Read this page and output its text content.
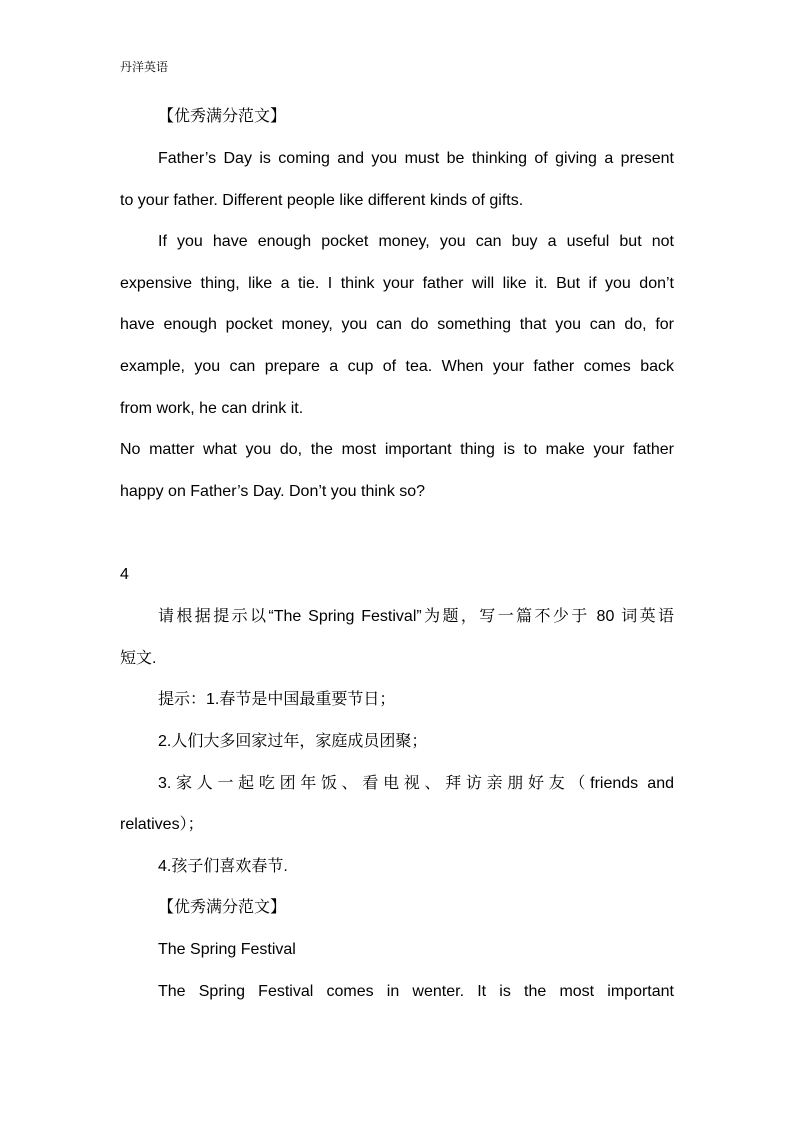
丹洋英语
【优秀满分范文】
Father’s Day is coming and you must be thinking of giving a present
to your father. Different people like different kinds of gifts.
If you have enough pocket money, you can buy a useful but not
expensive thing, like a tie. I think your father will like it. But if you don’t
have enough pocket money, you can do something that you can do, for
example, you can prepare a cup of tea. When your father comes back
from work, he can drink it.
No matter what you do, the most important thing is to make your father
happy on Father’s Day. Don’t you think so?
4
请根据提示以“The Spring Festival”为题，写一篇不少于 80 词英语
短文.
提示：1.春节是中国最重要节日；
2.人们大多回家过年，家庭成员团聚；
3.家人一起吃团年饭、看电视、拜访亲朋好友（friends and
relatives）；
4.孩子们喜欢春节.
【优秀满分范文】
The Spring Festival
The Spring Festival comes in wenter. It is the most important
